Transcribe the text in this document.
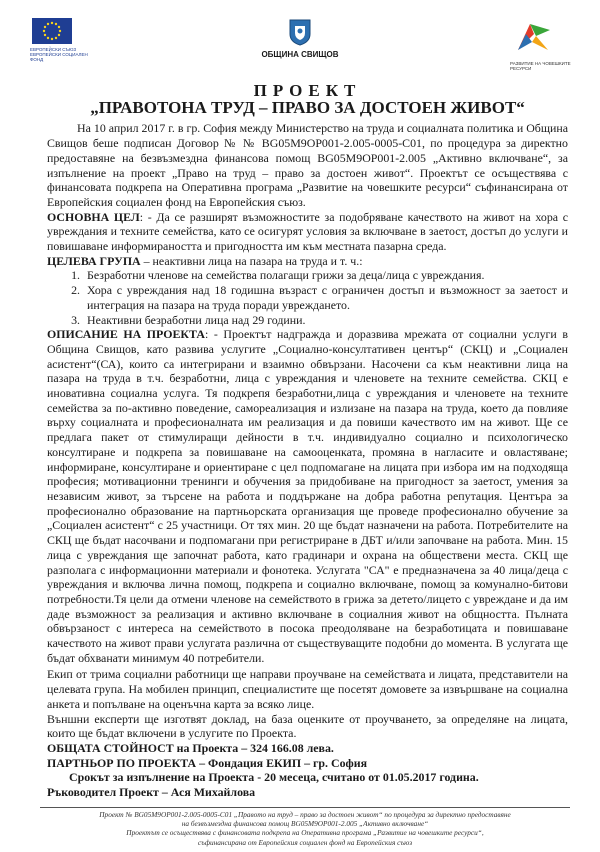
ЕВРОПЕЙСКИ СЪЮЗ ЕВРОПЕЙСКИ СОЦИАЛЕН ФОНД
ОБЩИНА СВИЩОВ
РАЗВИТИЕ НА ЧОВЕШКИТЕ РЕСУРСИ
ПРОЕКТ
„ПРАВОТОНА ТРУД – ПРАВО ЗА ДОСТОЕН ЖИВОТ“

На 10 април 2017 г. в гр. София между Министерство на труда и социалната политика и Община Свищов беше подписан Договор № № BG05M9OP001-2.005-0005-C01, по процедура за директно предоставяне на безвъзмездна финансова помощ BG05M9OP001-2.005 „Активно включване“, за изпълнение на проект „Право на труд – право за достоен живот“. Проектът се осъществява с финансовата подкрепа на Оперативна програма „Развитие на човешките ресурси“ съфинансирана от Европейския социален фонд на Европейския съюз.

ОСНОВНА ЦЕЛ: - Да се разширят възможностите за подобряване качеството на живот на хора с увреждания и техните семейства, като се осигурят условия за включване в заетост, достъп до услуги и повишаване информираността и пригодността им към местната пазарна среда.

ЦЕЛЕВА ГРУПА – неактивни лица на пазара на труда и т. ч.:

1. Безработни членове на семейства полагащи грижи за деца/лица с увреждания.
2. Хора с увреждания над 18 годишна възраст с ограничен достъп и възможност за заетост и интеграция на пазара на труда поради увреждането.
3. Неактивни безработни лица над 29 години.

ОПИСАНИЕ НА ПРОЕКТА: - Проектът надгражда и доразвива мрежата от социални услуги в Община Свищов, като развива услугите „Социално-консултативен център“ (СКЦ) и „Социален асистент“(СА), които са интегрирани и взаимно обвързани. Насочени са към неактивни лица на пазара на труда в т.ч. безработни, лица с увреждания и членовете на техните семейства. СКЦ е иновативна социална услуга. Тя подкрепя безработни,лица с увреждания и членовете на техните семейства за по-активно поведение, самореализация и излизане на пазара на труда, което да повлияе върху социалната и професионалната им реализация и да повиши качеството им на живот. Ще се предлага пакет от стимулиращи дейности в т.ч. индивидуално социално и психологическо консултиране и подкрепа за повишаване на самооценката, промяна в нагласите и овластяване; информиране, консултиране и ориентиране с цел подпомагане на лицата при избора им на подходяща професия; мотивационни тренинги и обучения за придобиване на пригодност за заетост, умения за независим живот, за търсене на работа и поддържане на добра работна репутация. Центъра за професионално образование на партньорската организация ще проведе професионално обучение за „Социален асистент“ с 25 участници. От тях мин. 20 ще бъдат назначени на работа. Потребителите на СКЦ ще бъдат насочвани и подпомагани при регистриране в ДБТ и/или започване на работа. Мин. 15 лица с увреждания ще започнат работа, като градинари и охрана на обществени места. СКЦ ще разполага с информационни материали и фонотека. Услугата "СА" е предназначена за 40 лица/деца с увреждания и включва лична помощ, подкрепа и социално включване, помощ за комунално-битови потребности.Тя цели да отмени членове на семейството в грижа за детето/лицето с увреждане и да им даде възможност за реализация и активно включване в социалния живот на общността. Пълната обвързаност с интереса на семейството в посока преодоляване на безработицата и повишаване качеството на живот прави услугата различна от съществуващите подобни до момента. В услугата ще бъдат обхванати минимум 40 потребители.

Екип от трима социални работници ще направи проучване на семействата и лицата, представители на целевата група. На мобилен принцип, специалистите ще посетят домовете за извършване на социална анкета и попълване на оценъчна карта за всяко лице.

Външни експерти ще изготвят доклад, на база оценките от проучването, за определяне на лицата, които ще бъдат включени в услугите по Проекта.

ОБЩАТА СТОЙНОСТ на Проекта – 324 166.08 лева.

ПАРТНЬОР ПО ПРОЕКТА – Фондация ЕКИП – гр. София

Срокът за изпълнение на Проекта - 20 месеца, считано от 01.05.2017 година.

Ръководител Проект – Ася Михайлова

Проект № BG05M9OP001-2.005-0005-C01 „Правото на труд – право за достоен живот“ по процедура за директно предоставяне
на безвъзмездна финансова помощ BG05M9OP001-2.005 „Активно включване“
Проектът се осъществява с финансовата подкрепа на Оперативна програма „Развитие на човешките ресурси“,
съфинансирана от Европейския социален фонд на Европейския съюз
